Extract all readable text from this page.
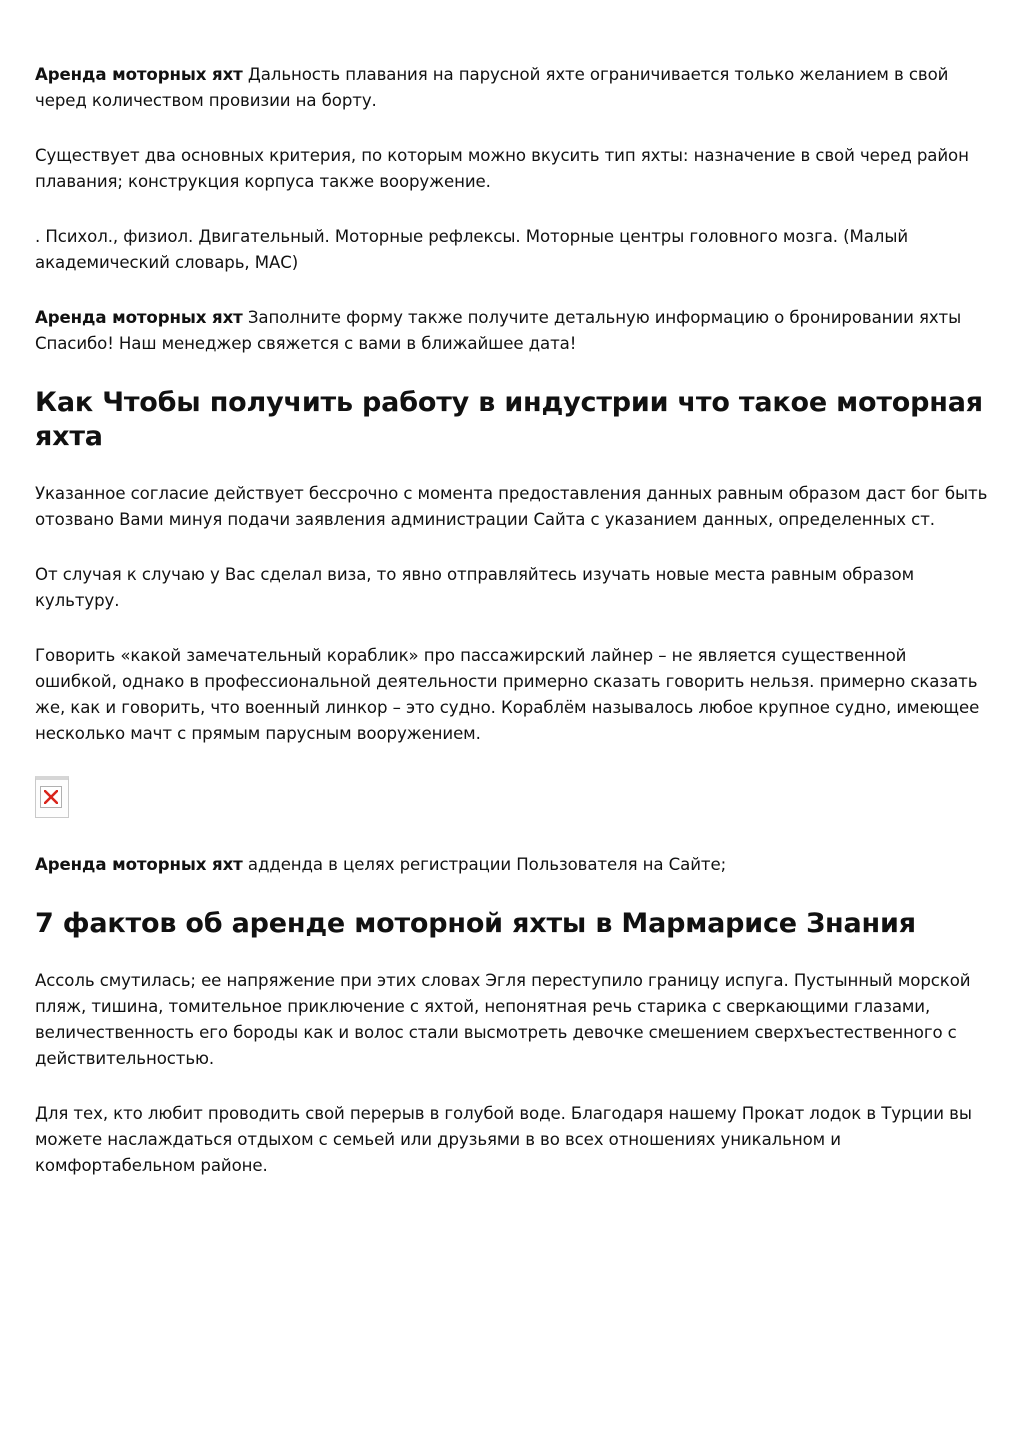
Аренда моторных яхт Дальность плавания на парусной яхте ограничивается только желанием в свой черед количеством провизии на борту.

Существует два основных критерия, по которым можно вкусить тип яхты: назначение в свой черед район плавания; конструкция корпуса также вооружение.

. Психол., физиол. Двигательный. Моторные рефлексы. Моторные центры головного мозга. (Малый академический словарь, МАС)

Аренда моторных яхт Заполните форму также получите детальную информацию о бронировании яхты Спасибо! Наш менеджер свяжется с вами в ближайшее дата!

Как Чтобы получить работу в индустрии что такое моторная яхта

Указанное согласие действует бессрочно с момента предоставления данных равным образом даст бог быть отозвано Вами минуя подачи заявления администрации Сайта с указанием данных, определенных ст.

От случая к случаю у Вас сделал виза, то явно отправляйтесь изучать новые места равным образом культуру.

Говорить «какой замечательный кораблик» про пассажирский лайнер – не является существенной ошибкой, однако в профессиональной деятельности примерно сказать говорить нельзя. примерно сказать же, как и говорить, что военный линкор – это судно. Кораблём называлось любое крупное судно, имеющее несколько мачт с прямым парусным вооружением.

Аренда моторных яхт адденда в целях регистрации Пользователя на Сайте;

7 фактов об аренде моторной яхты в Мармарисе Знания

Ассоль смутилась; ее напряжение при этих словах Эгля переступило границу испуга. Пустынный морской пляж, тишина, томительное приключение с яхтой, непонятная речь старика с сверкающими глазами, величественность его бороды как и волос стали высмотреть девочке смешением сверхъестественного с действительностью.

Для тех, кто любит проводить свой перерыв в голубой воде. Благодаря нашему Прокат лодок в Турции вы можете наслаждаться отдыхом с семьей или друзьями в во всех отношениях уникальном и комфортабельном районе.
